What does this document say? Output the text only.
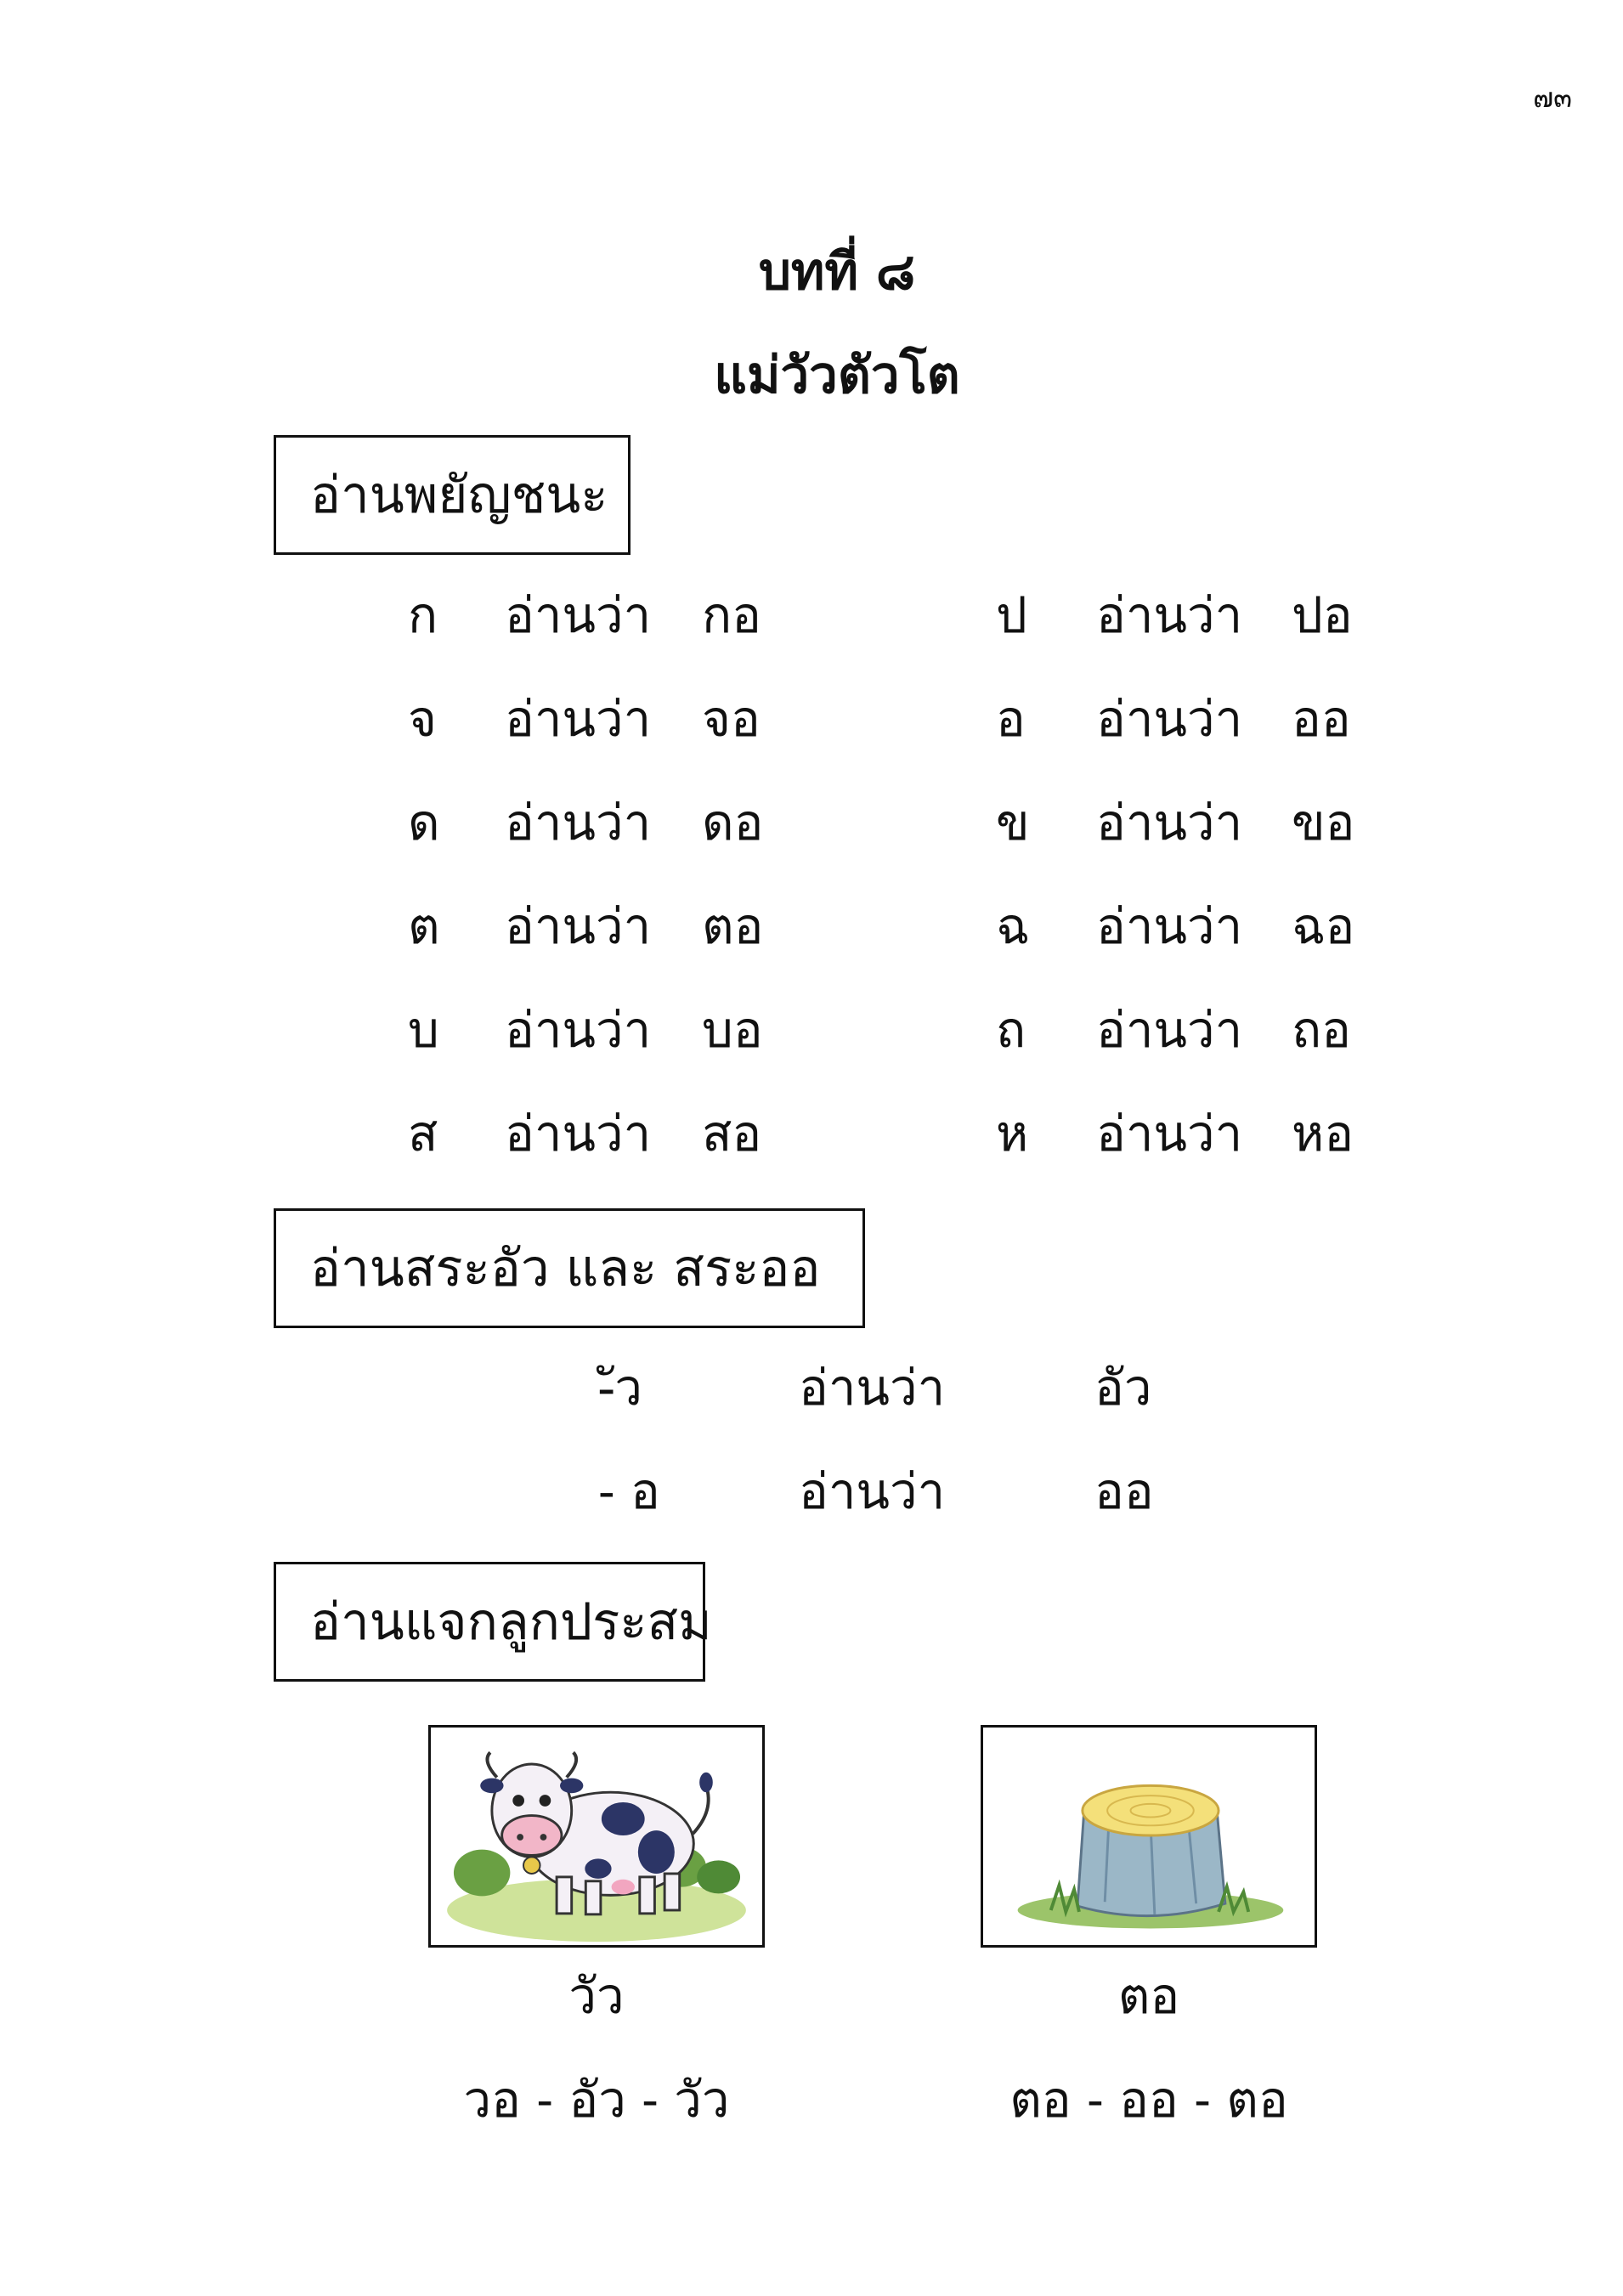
๗๓
บทที่ ๘
แม่วัวตัวโต
อ่านพยัญชนะ
ก อ่านว่า กอ
จ อ่านว่า จอ
ด อ่านว่า ดอ
ต อ่านว่า ตอ
บ อ่านว่า บอ
ส อ่านว่า สอ
ป อ่านว่า ปอ
อ อ่านว่า ออ
ข อ่านว่า ขอ
ฉ อ่านว่า ฉอ
ถ อ่านว่า ถอ
ห อ่านว่า หอ
อ่านสระอัว และ สระออ
-ัว	อ่านว่า	อัว
- อ	อ่านว่า	ออ
อ่านแจกลูกประสม
วัว	ตอ
วอ - อัว - วัว	ตอ - ออ - ตอ
